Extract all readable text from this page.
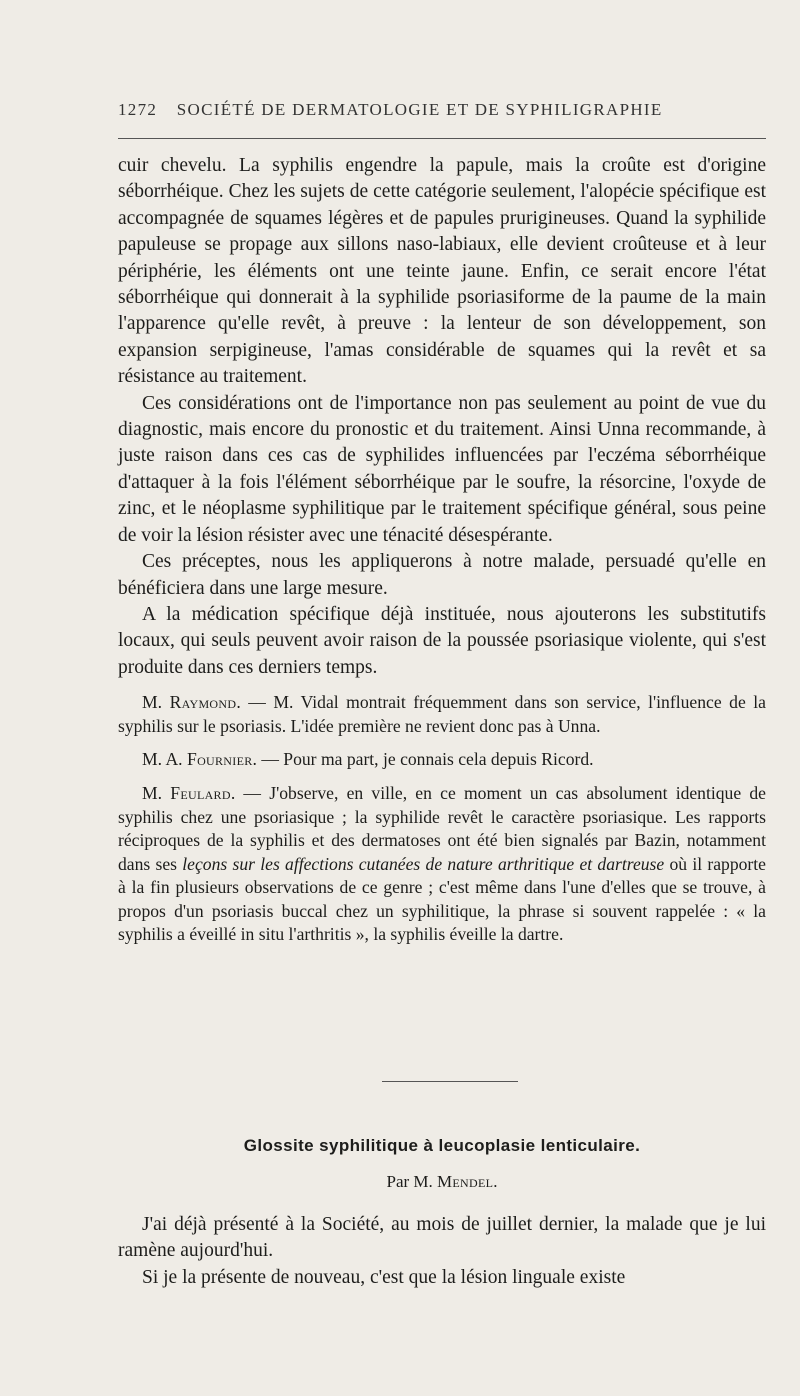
1272 SOCIÉTÉ DE DERMATOLOGIE ET DE SYPHILIGRAPHIE

cuir chevelu. La syphilis engendre la papule, mais la croûte est d'origine séborrhéique. Chez les sujets de cette catégorie seulement, l'alopécie spécifique est accompagnée de squames légères et de papules prurigineuses. Quand la syphilide papuleuse se propage aux sillons naso-labiaux, elle devient croûteuse et à leur périphérie, les éléments ont une teinte jaune. Enfin, ce serait encore l'état séborrhéique qui donnerait à la syphilide psoriasiforme de la paume de la main l'apparence qu'elle revêt, à preuve : la lenteur de son développement, son expansion serpigineuse, l'amas considérable de squames qui la revêt et sa résistance au traitement.

Ces considérations ont de l'importance non pas seulement au point de vue du diagnostic, mais encore du pronostic et du traitement. Ainsi Unna recommande, à juste raison dans ces cas de syphilides influencées par l'eczéma séborrhéique d'attaquer à la fois l'élément séborrhéique par le soufre, la résorcine, l'oxyde de zinc, et le néoplasme syphilitique par le traitement spécifique général, sous peine de voir la lésion résister avec une ténacité désespérante.

Ces préceptes, nous les appliquerons à notre malade, persuadé qu'elle en bénéficiera dans une large mesure.

A la médication spécifique déjà instituée, nous ajouterons les substitutifs locaux, qui seuls peuvent avoir raison de la poussée psoriasique violente, qui s'est produite dans ces derniers temps.

M. Raymond. — M. Vidal montrait fréquemment dans son service, l'influence de la syphilis sur le psoriasis. L'idée première ne revient donc pas à Unna.

M. A. Fournier. — Pour ma part, je connais cela depuis Ricord.

M. Feulard. — J'observe, en ville, en ce moment un cas absolument identique de syphilis chez une psoriasique ; la syphilide revêt le caractère psoriasique. Les rapports réciproques de la syphilis et des dermatoses ont été bien signalés par Bazin, notamment dans ses leçons sur les affections cutanées de nature arthritique et dartreuse où il rapporte à la fin plusieurs observations de ce genre ; c'est même dans l'une d'elles que se trouve, à propos d'un psoriasis buccal chez un syphilitique, la phrase si souvent rappelée : « la syphilis a éveillé in situ l'arthritis », la syphilis éveille la dartre.

Glossite syphilitique à leucoplasie lenticulaire.
Par M. Mendel.

J'ai déjà présenté à la Société, au mois de juillet dernier, la malade que je lui ramène aujourd'hui.

Si je la présente de nouveau, c'est que la lésion linguale existe
